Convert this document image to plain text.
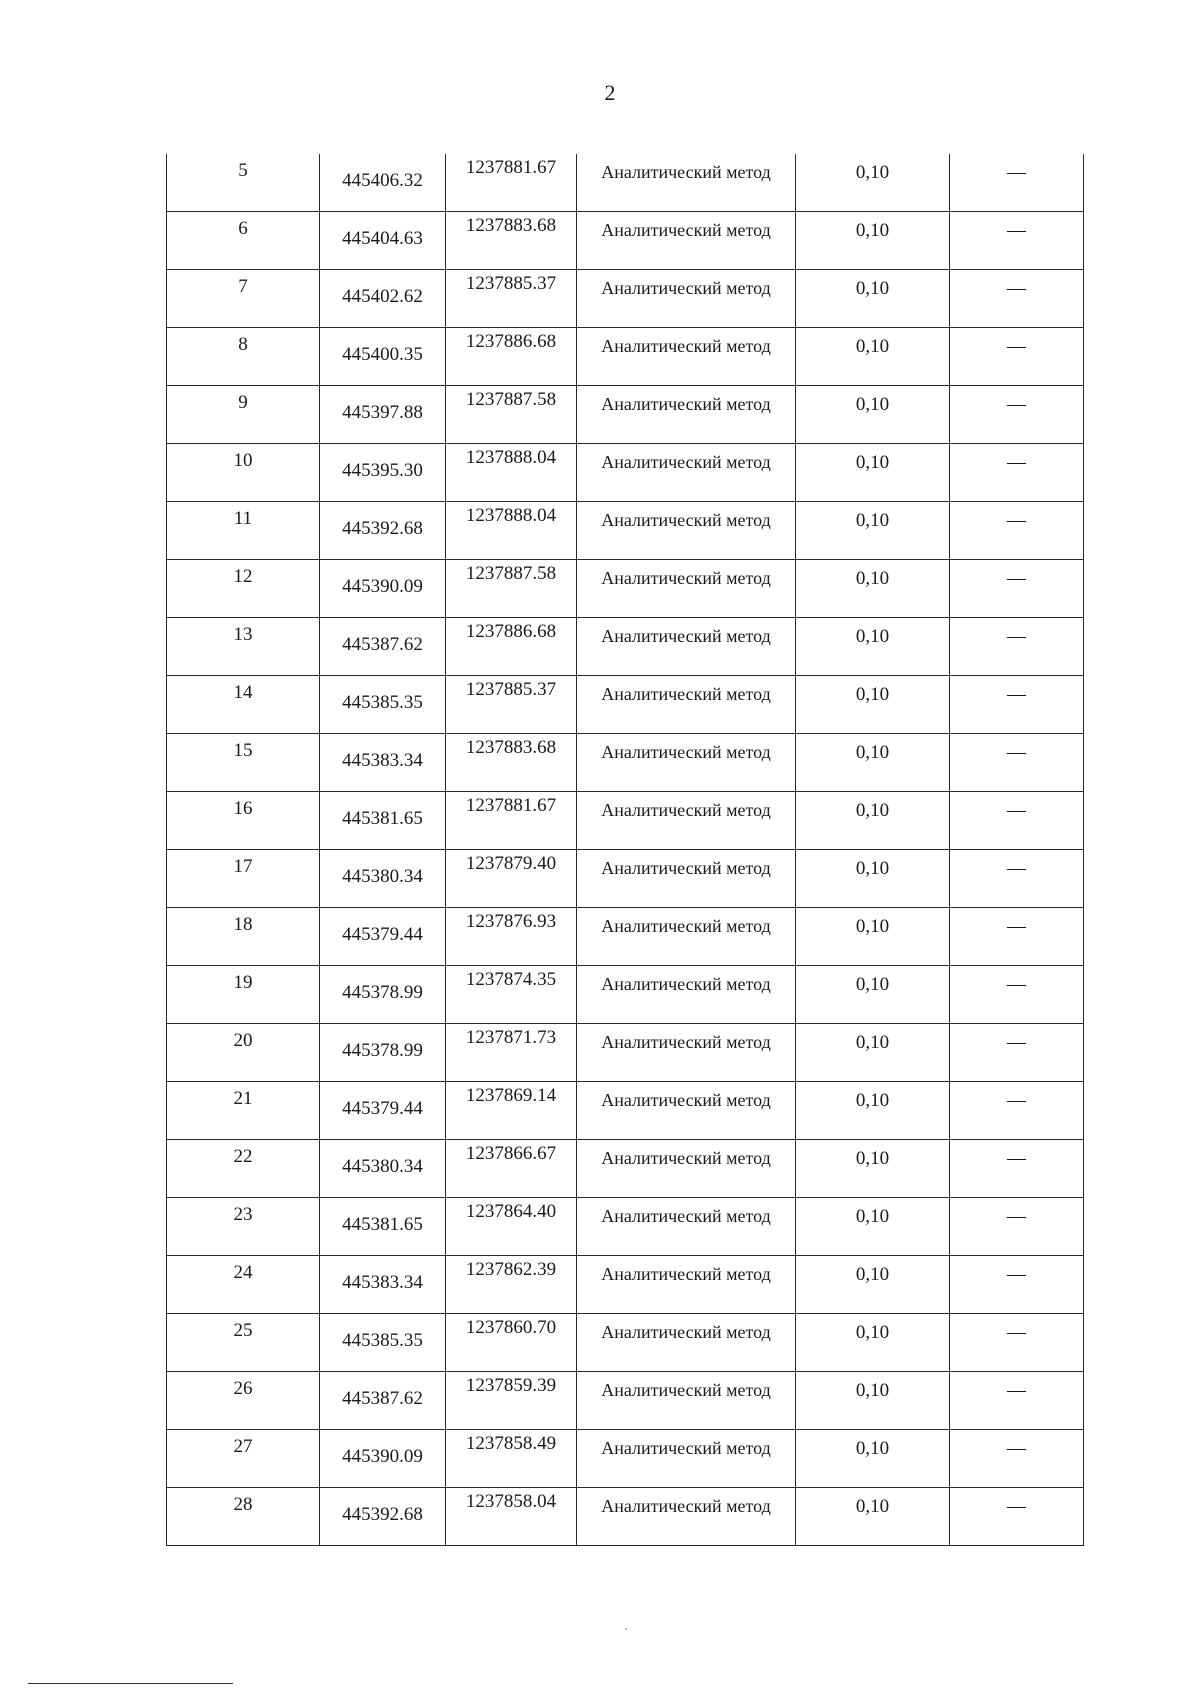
2
5	445406.32	1237881.67	Аналитический метод	0,10	—

6	445404.63	1237883.68	Аналитический метод	0,10	—

7	445402.62	1237885.37	Аналитический метод	0,10	—

8	445400.35	1237886.68	Аналитический метод	0,10	—

9	445397.88	1237887.58	Аналитический метод	0,10	—

10	445395.30	1237888.04	Аналитический метод	0,10	—

11	445392.68	1237888.04	Аналитический метод	0,10	—

12	445390.09	1237887.58	Аналитический метод	0,10	—

13	445387.62	1237886.68	Аналитический метод	0,10	—

14	445385.35	1237885.37	Аналитический метод	0,10	—

15	445383.34	1237883.68	Аналитический метод	0,10	—

16	445381.65	1237881.67	Аналитический метод	0,10	—

17	445380.34	1237879.40	Аналитический метод	0,10	—

18	445379.44	1237876.93	Аналитический метод	0,10	—

19	445378.99	1237874.35	Аналитический метод	0,10	—

20	445378.99	1237871.73	Аналитический метод	0,10	—

21	445379.44	1237869.14	Аналитический метод	0,10	—

22	445380.34	1237866.67	Аналитический метод	0,10	—

23	445381.65	1237864.40	Аналитический метод	0,10	—

24	445383.34	1237862.39	Аналитический метод	0,10	—

25	445385.35	1237860.70	Аналитический метод	0,10	—

26	445387.62	1237859.39	Аналитический метод	0,10	—

27	445390.09	1237858.49	Аналитический метод	0,10	—

28	445392.68	1237858.04	Аналитический метод	0,10	—
